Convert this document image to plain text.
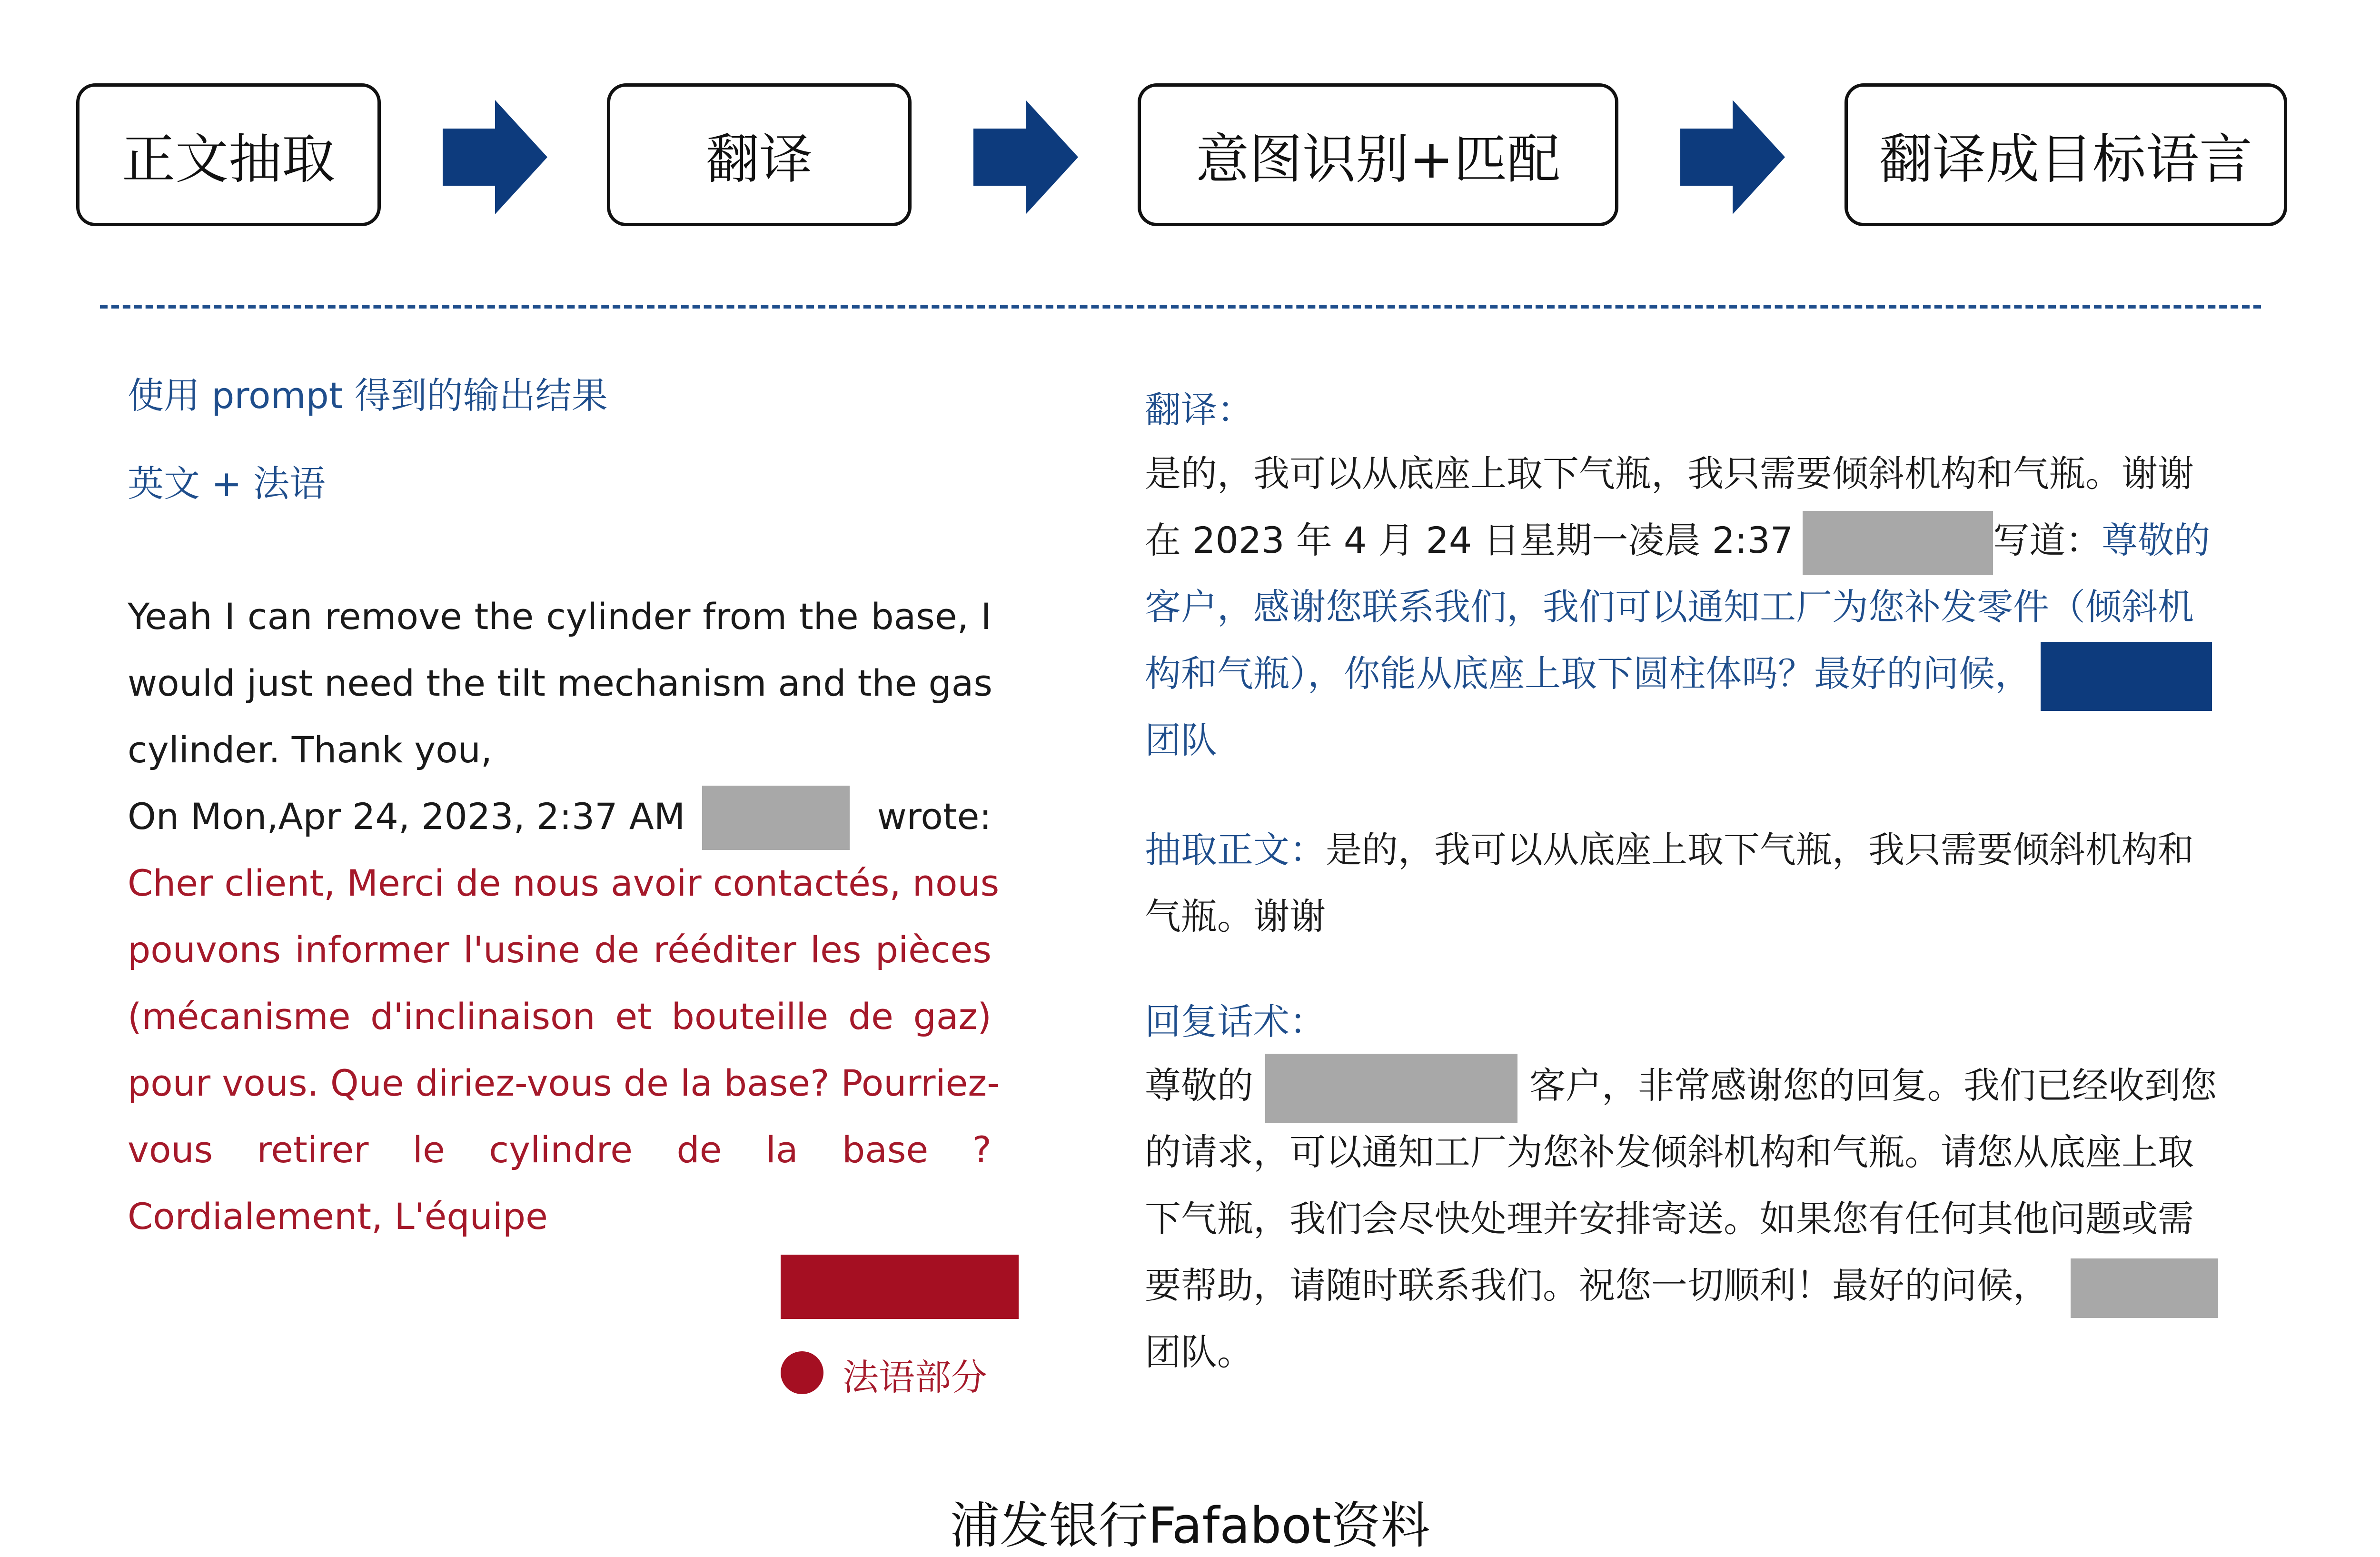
正文抽取	翻译	意图识别+匹配	翻译成目标语言
使用 prompt 得到的输出结果
英文 + 法语
Yeah I can remove the cylinder from the base, I
would just need the tilt mechanism and the gas
cylinder. Thank you,
On Mon,Apr 24, 2023, 2:37 AM	wrote:
Cher client, Merci de nous avoir contactés, nous
pouvons informer l'usine de rééditer les pièces
(mécanisme d'inclinaison et bouteille de gaz)
pour vous. Que diriez-vous de la base? Pourriez-
vous retirer le cylindre de la base ?
Cordialement, L'équipe
法语部分
翻译：
是的，我可以从底座上取下气瓶，我只需要倾斜机构和气瓶。谢谢
在 2023 年 4 月 24 日星期一凌晨 2:37	写道：尊敬的
客户，感谢您联系我们，我们可以通知工厂为您补发零件（倾斜机
构和气瓶），你能从底座上取下圆柱体吗？最好的问候，
团队
抽取正文：是的，我可以从底座上取下气瓶，我只需要倾斜机构和
气瓶。谢谢
回复话术：
尊敬的	客户，非常感谢您的回复。我们已经收到您
的请求，可以通知工厂为您补发倾斜机构和气瓶。请您从底座上取
下气瓶，我们会尽快处理并安排寄送。如果您有任何其他问题或需
要帮助，请随时联系我们。祝您一切顺利！最好的问候，
团队。
浦发银行Fafabot资料
